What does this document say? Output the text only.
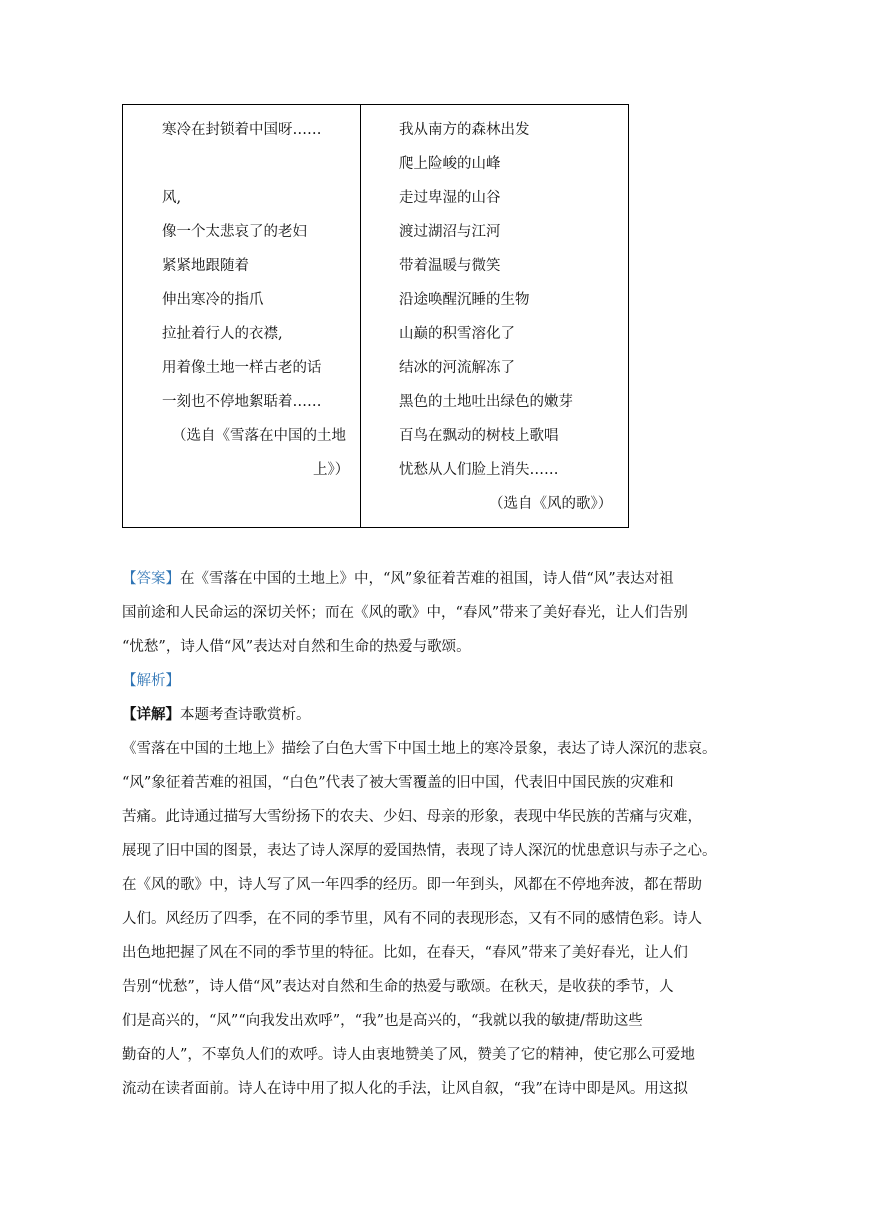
寒冷在封锁着中国呀……
风,
像一个太悲哀了的老妇
紧紧地跟随着
伸出寒冷的指爪
拉扯着行人的衣襟,
用着像土地一样古老的话
一刻也不停地絮聒着……
（选自《雪落在中国的土地
上》）
我从南方的森林出发
爬上险峻的山峰
走过卑湿的山谷
渡过湖沼与江河
带着温暖与微笑
沿途唤醒沉睡的生物
山巅的积雪溶化了
结冰的河流解冻了
黑色的土地吐出绿色的嫩芽
百鸟在飘动的树枝上歌唱
忧愁从人们脸上消失……
（选自《风的歌》）
【答案】在《雪落在中国的土地上》中，“风”象征着苦难的祖国，诗人借“风”表达对祖
国前途和人民命运的深切关怀；而在《风的歌》中，“春风”带来了美好春光，让人们告别
“忧愁”，诗人借“风”表达对自然和生命的热爱与歌颂。
【解析】
【详解】本题考查诗歌赏析。
《雪落在中国的土地上》描绘了白色大雪下中国土地上的寒冷景象，表达了诗人深沉的悲哀。
“风”象征着苦难的祖国，“白色”代表了被大雪覆盖的旧中国，代表旧中国民族的灾难和
苦痛。此诗通过描写大雪纷扬下的农夫、少妇、母亲的形象，表现中华民族的苦痛与灾难，
展现了旧中国的图景，表达了诗人深厚的爱国热情，表现了诗人深沉的忧患意识与赤子之心。
在《风的歌》中，诗人写了风一年四季的经历。即一年到头，风都在不停地奔波，都在帮助
人们。风经历了四季，在不同的季节里，风有不同的表现形态，又有不同的感情色彩。诗人
出色地把握了风在不同的季节里的特征。比如，在春天，“春风”带来了美好春光，让人们
告别“忧愁”，诗人借“风”表达对自然和生命的热爱与歌颂。在秋天，是收获的季节，人
们是高兴的，“风”“向我发出欢呼”，“我”也是高兴的，“我就以我的敏捷/帮助这些
勤奋的人”，不辜负人们的欢呼。诗人由衷地赞美了风，赞美了它的精神，使它那么可爱地
流动在读者面前。诗人在诗中用了拟人化的手法，让风自叙，“我”在诗中即是风。用这拟
